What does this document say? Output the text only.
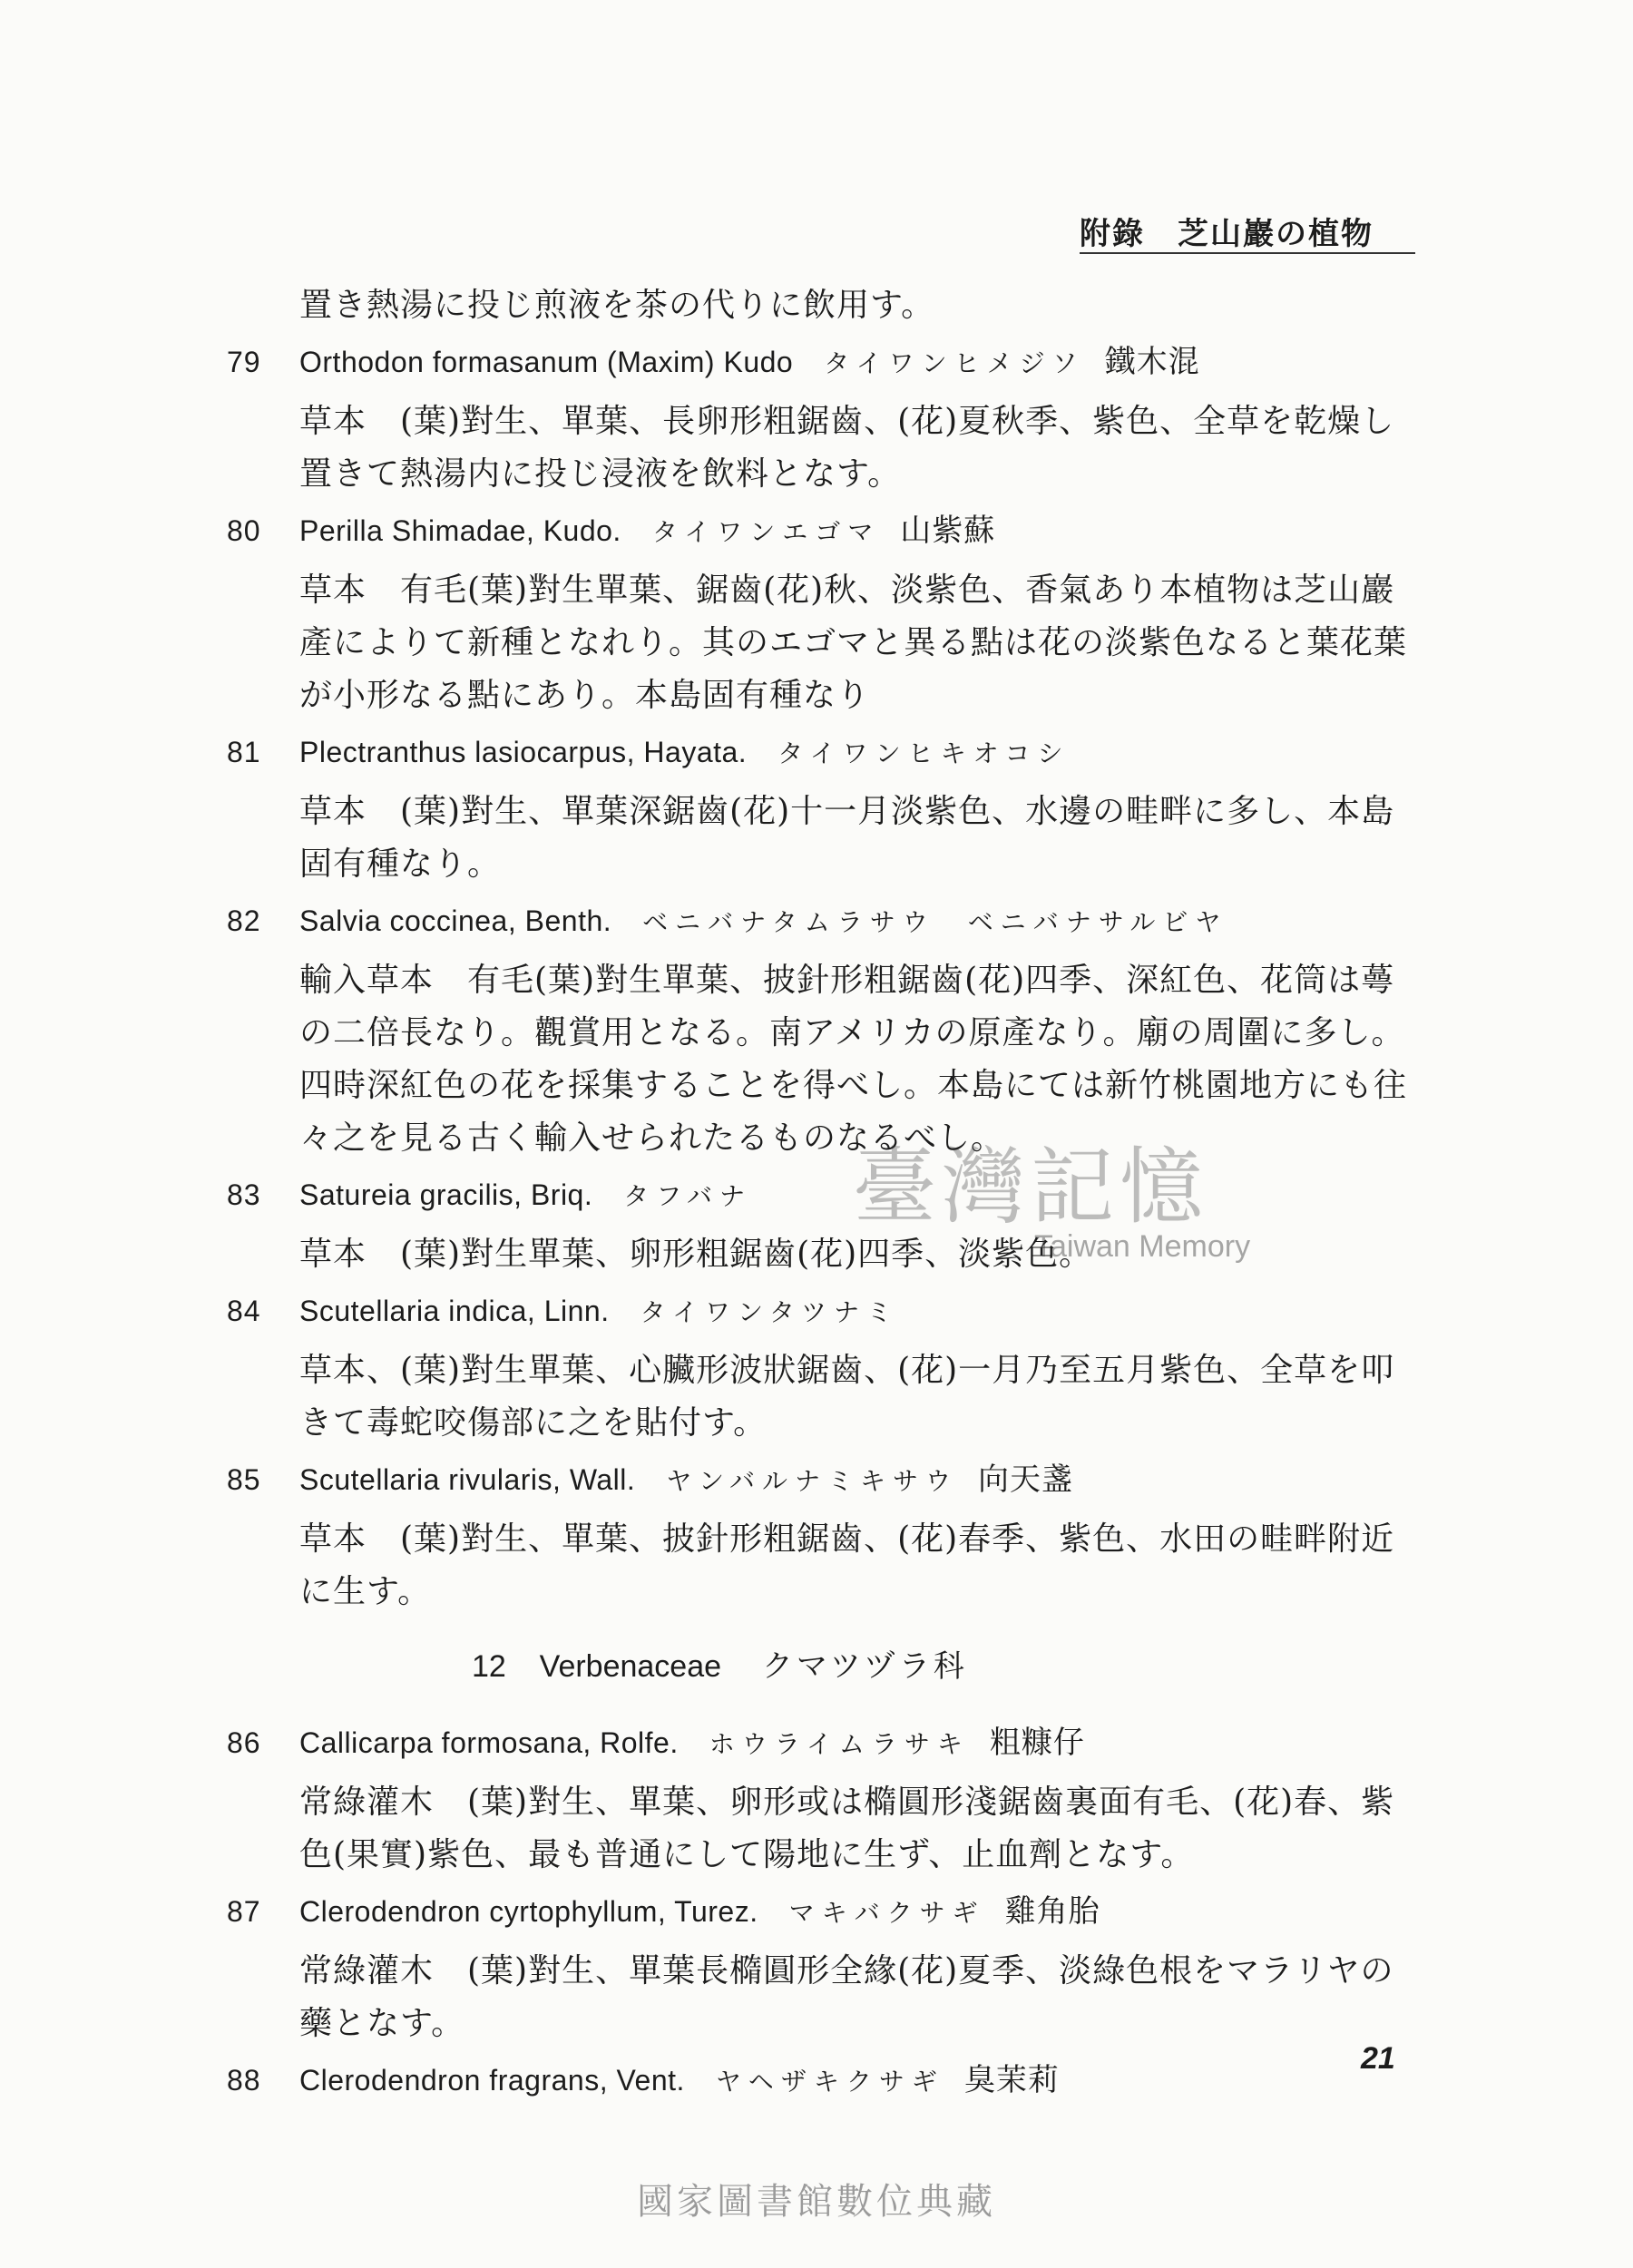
附錄　芝山巖の植物
置き熱湯に投じ煎液を茶の代りに飲用す。
79 Orthodon formasanum (Maxim) Kudo タイワンヒメジソ 鐵木混
草本　(葉)對生、單葉、長卵形粗鋸齒、(花)夏秋季、紫色、全草を乾燥し
置きて熱湯内に投じ浸液を飲料となす。
80 Perilla Shimadae, Kudo. タイワンエゴマ 山紫蘇
草本　有毛(葉)對生單葉、鋸齒(花)秋、淡紫色、香氣あり本植物は芝山巖
產によりて新種となれり。其のエゴマと異る點は花の淡紫色なると葉花葉
が小形なる點にあり。本島固有種なり
81 Plectranthus lasiocarpus, Hayata. タイワンヒキオコシ
草本　(葉)對生、單葉深鋸齒(花)十一月淡紫色、水邊の畦畔に多し、本島
固有種なり。
82 Salvia coccinea, Benth. ベニバナタムラサウ　ベニバナサルビヤ
輸入草本　有毛(葉)對生單葉、披針形粗鋸齒(花)四季、深紅色、花筒は蕚
の二倍長なり。觀賞用となる。南アメリカの原產なり。廟の周圍に多し。
四時深紅色の花を採集することを得べし。本島にては新竹桃園地方にも往
々之を見る古く輸入せられたるものなるべし。
83 Satureia gracilis, Briq. タフバナ
草本　(葉)對生單葉、卵形粗鋸齒(花)四季、淡紫色。
84 Scutellaria indica, Linn. タイワンタツナミ
草本、(葉)對生單葉、心臟形波狀鋸齒、(花)一月乃至五月紫色、全草を叩
きて毒蛇咬傷部に之を貼付す。
85 Scutellaria rivularis, Wall. ヤンバルナミキサウ 向天盞
草本　(葉)對生、單葉、披針形粗鋸齒、(花)春季、紫色、水田の畦畔附近
に生す。
12 Verbenaceae クマツヅラ科
86 Callicarpa formosana, Rolfe. ホウライムラサキ 粗糠仔
常綠灌木　(葉)對生、單葉、卵形或は橢圓形淺鋸齒裏面有毛、(花)春、紫
色(果實)紫色、最も普通にして陽地に生ず、止血劑となす。
87 Clerodendron cyrtophyllum, Turez. マキバクサギ 雞角胎
常綠灌木　(葉)對生、單葉長橢圓形全緣(花)夏季、淡綠色根をマラリヤの
藥となす。
88 Clerodendron fragrans, Vent. ヤヘザキクサギ 臭茉莉
21
臺灣記憶
Taiwan Memory
國家圖書館數位典藏
